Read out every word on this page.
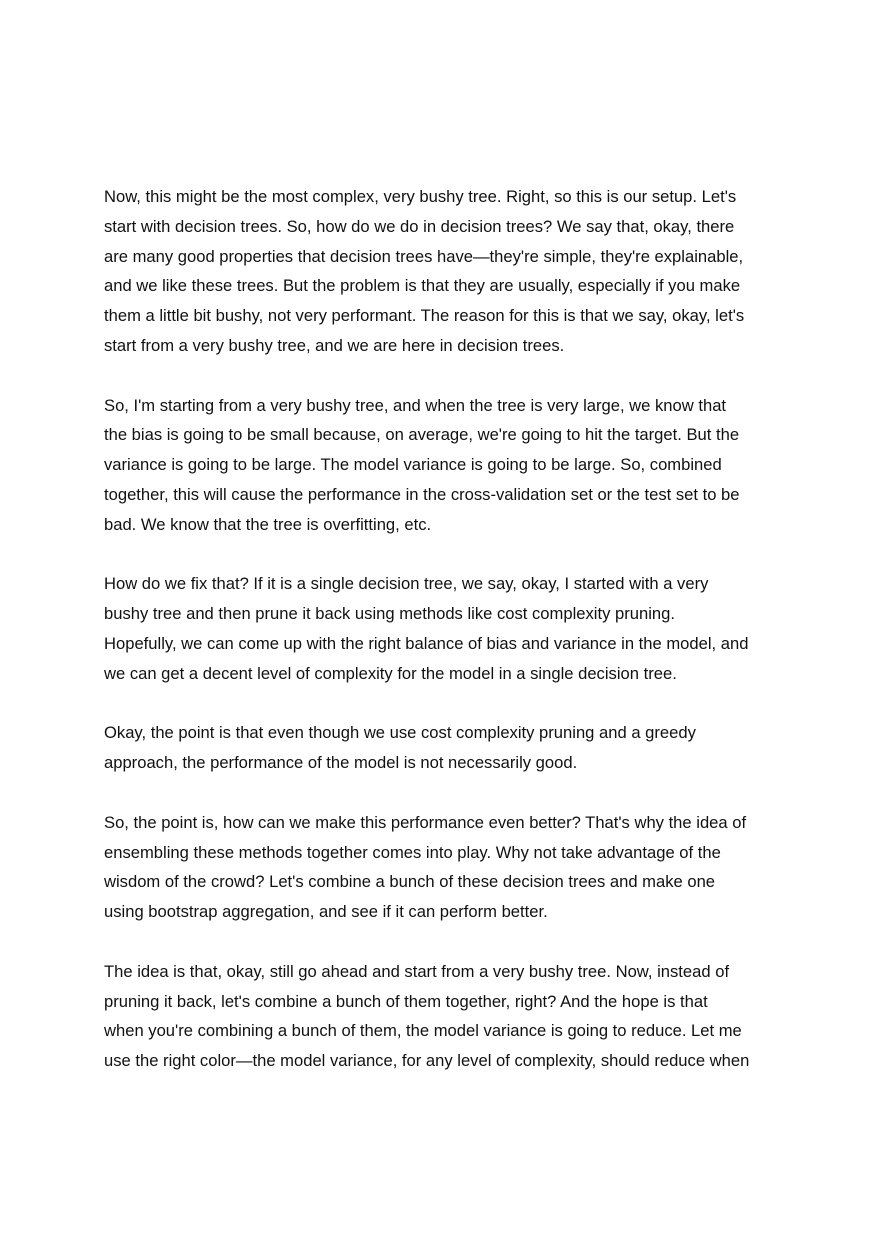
Now, this might be the most complex, very bushy tree. Right, so this is our setup. Let's
start with decision trees. So, how do we do in decision trees? We say that, okay, there
are many good properties that decision trees have—they're simple, they're explainable,
and we like these trees. But the problem is that they are usually, especially if you make
them a little bit bushy, not very performant. The reason for this is that we say, okay, let's
start from a very bushy tree, and we are here in decision trees.

So, I'm starting from a very bushy tree, and when the tree is very large, we know that
the bias is going to be small because, on average, we're going to hit the target. But the
variance is going to be large. The model variance is going to be large. So, combined
together, this will cause the performance in the cross-validation set or the test set to be
bad. We know that the tree is overfitting, etc.

How do we fix that? If it is a single decision tree, we say, okay, I started with a very
bushy tree and then prune it back using methods like cost complexity pruning.
Hopefully, we can come up with the right balance of bias and variance in the model, and
we can get a decent level of complexity for the model in a single decision tree.

Okay, the point is that even though we use cost complexity pruning and a greedy
approach, the performance of the model is not necessarily good.

So, the point is, how can we make this performance even better? That's why the idea of
ensembling these methods together comes into play. Why not take advantage of the
wisdom of the crowd? Let's combine a bunch of these decision trees and make one
using bootstrap aggregation, and see if it can perform better.

The idea is that, okay, still go ahead and start from a very bushy tree. Now, instead of
pruning it back, let's combine a bunch of them together, right? And the hope is that
when you're combining a bunch of them, the model variance is going to reduce. Let me
use the right color—the model variance, for any level of complexity, should reduce when
